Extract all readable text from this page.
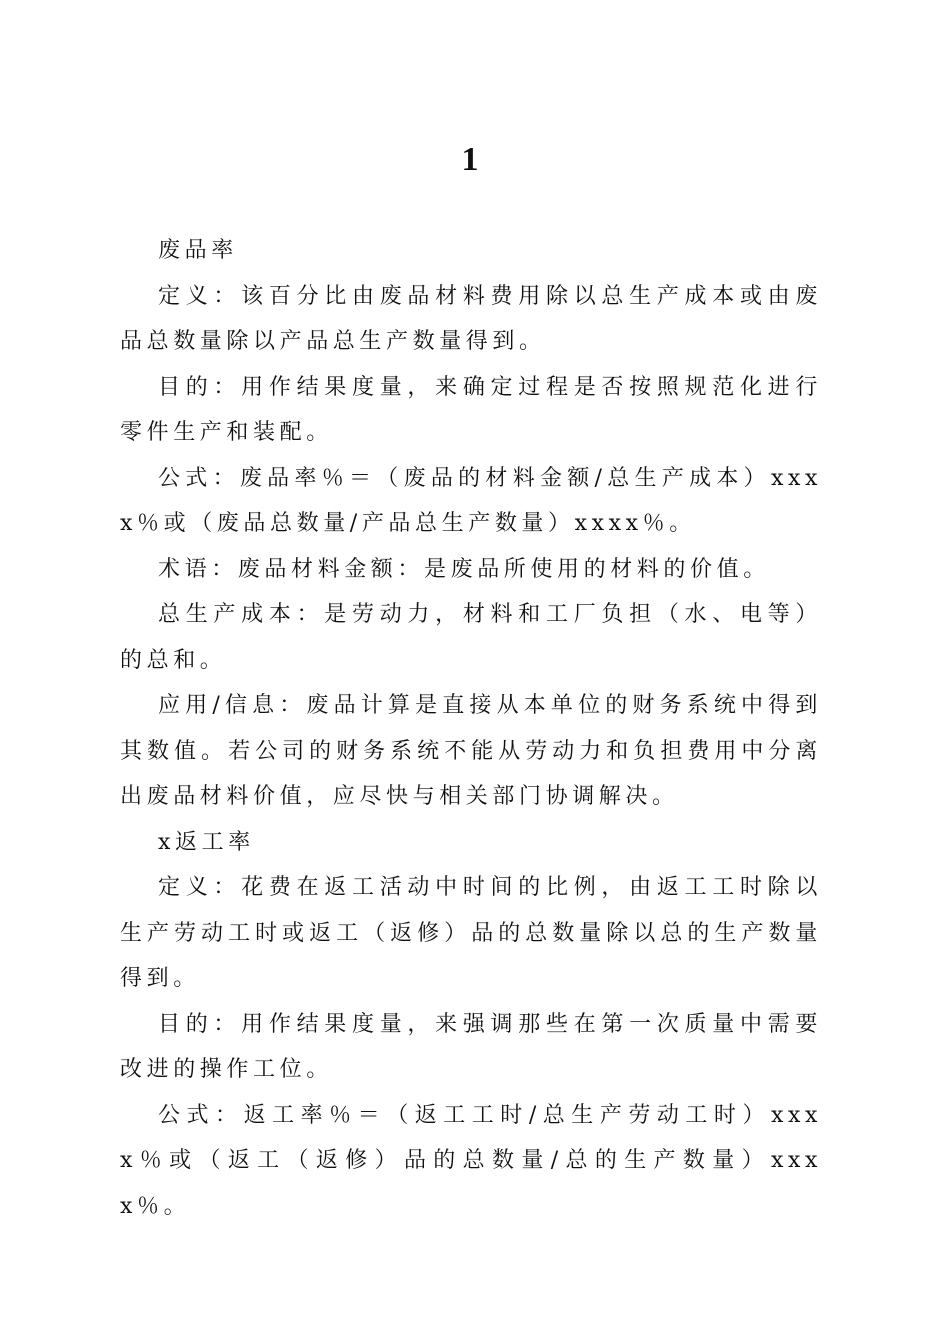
1

废品率

定义：该百分比由废品材料费用除以总生产成本或由废品总数量除以产品总生产数量得到。

目的：用作结果度量，来确定过程是否按照规范化进行零件生产和装配。

公式：废品率％＝（废品的材料金额/总生产成本）xxxx％或（废品总数量/产品总生产数量）xxxx％。

术语：废品材料金额：是废品所使用的材料的价值。

总生产成本：是劳动力，材料和工厂负担（水、电等）的总和。

应用/信息：废品计算是直接从本单位的财务系统中得到其数值。若公司的财务系统不能从劳动力和负担费用中分离出废品材料价值，应尽快与相关部门协调解决。

x返工率

定义：花费在返工活动中时间的比例，由返工工时除以生产劳动工时或返工（返修）品的总数量除以总的生产数量得到。

目的：用作结果度量，来强调那些在第一次质量中需要改进的操作工位。

公式：返工率％＝（返工工时/总生产劳动工时）xxxx％或（返工（返修）品的总数量/总的生产数量）xxxx％。
